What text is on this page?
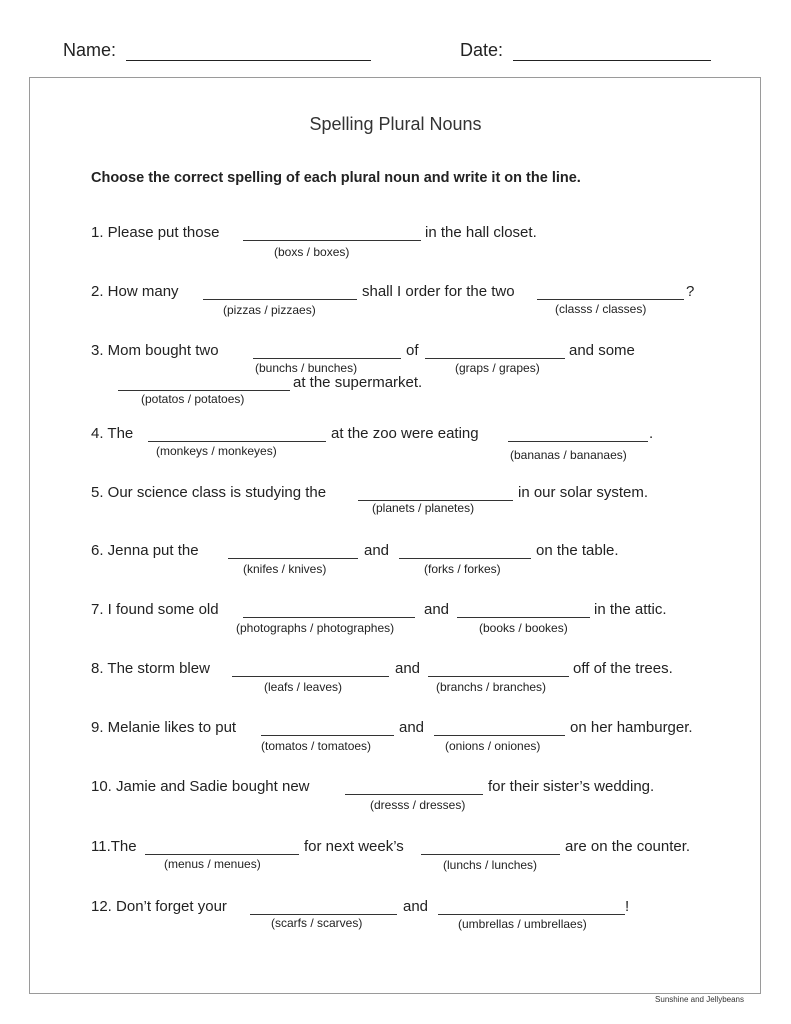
Name:	Date:
Spelling Plural Nouns
Choose the correct spelling of each plural noun and write it on the line.
1. Please put those	in the hall closet.
(boxs / boxes)
2. How many	shall I order for the two	?
(pizzas / pizzaes)	(classs / classes)
3. Mom bought two	of	and some
(bunchs / bunches)	(graps / grapes)
at the supermarket.
(potatos / potatoes)
4. The	at the zoo were eating	.
(monkeys / monkeyes)	(bananas / bananaes)
5. Our science class is studying the	in our solar system.
(planets / planetes)
6. Jenna put the	and	on the table.
(knifes / knives)	(forks / forkes)
7. I found some old	and	in the attic.
(photographs / photographes)	(books / bookes)
8. The storm blew	and	off of the trees.
(leafs / leaves)	(branchs / branches)
9. Melanie likes to put	and	on her hamburger.
(tomatos / tomatoes)	(onions / oniones)
10. Jamie and Sadie bought new	for their sister’s wedding.
(dresss / dresses)
11.The	for next week’s	are on the counter.
(menus / menues)	(lunchs / lunches)
12. Don’t forget your	and	!
(scarfs / scarves)	(umbrellas / umbrellaes)
Sunshine and Jellybeans
